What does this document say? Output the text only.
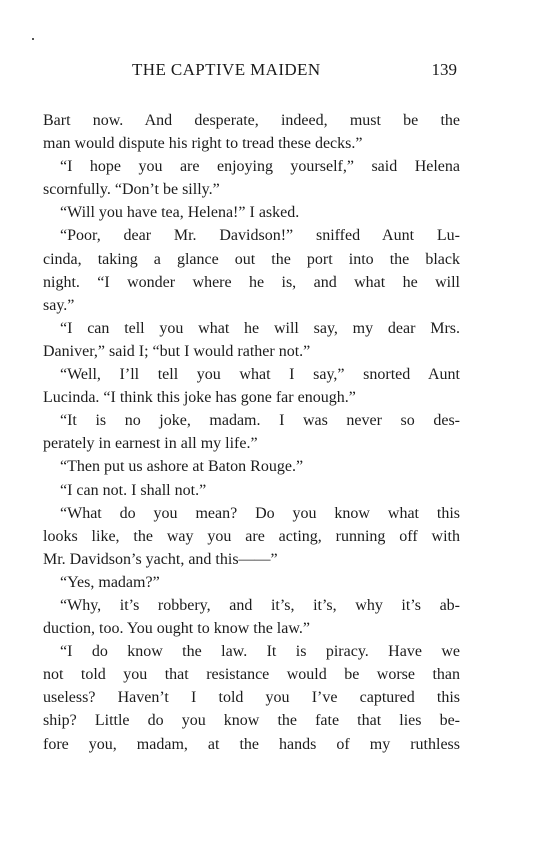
THE CAPTIVE MAIDEN	139
Bart now. And desperate, indeed, must be the
man would dispute his right to tread these decks.”
“I hope you are enjoying yourself,” said Helena
scornfully. “Don’t be silly.”
“Will you have tea, Helena!” I asked.
“Poor, dear Mr. Davidson!” sniffed Aunt Lu-
cinda, taking a glance out the port into the black
night. “I wonder where he is, and what he will
say.”
“I can tell you what he will say, my dear Mrs.
Daniver,” said I; “but I would rather not.”
“Well, I’ll tell you what I say,” snorted Aunt
Lucinda. “I think this joke has gone far enough.”
“It is no joke, madam. I was never so des-
perately in earnest in all my life.”
“Then put us ashore at Baton Rouge.”
“I can not. I shall not.”
“What do you mean? Do you know what this
looks like, the way you are acting, running off with
Mr. Davidson’s yacht, and this——”
“Yes, madam?”
“Why, it’s robbery, and it’s, it’s, why it’s ab-
duction, too. You ought to know the law.”
“I do know the law. It is piracy. Have we
not told you that resistance would be worse than
useless? Haven’t I told you I’ve captured this
ship? Little do you know the fate that lies be-
fore you, madam, at the hands of my ruthless
